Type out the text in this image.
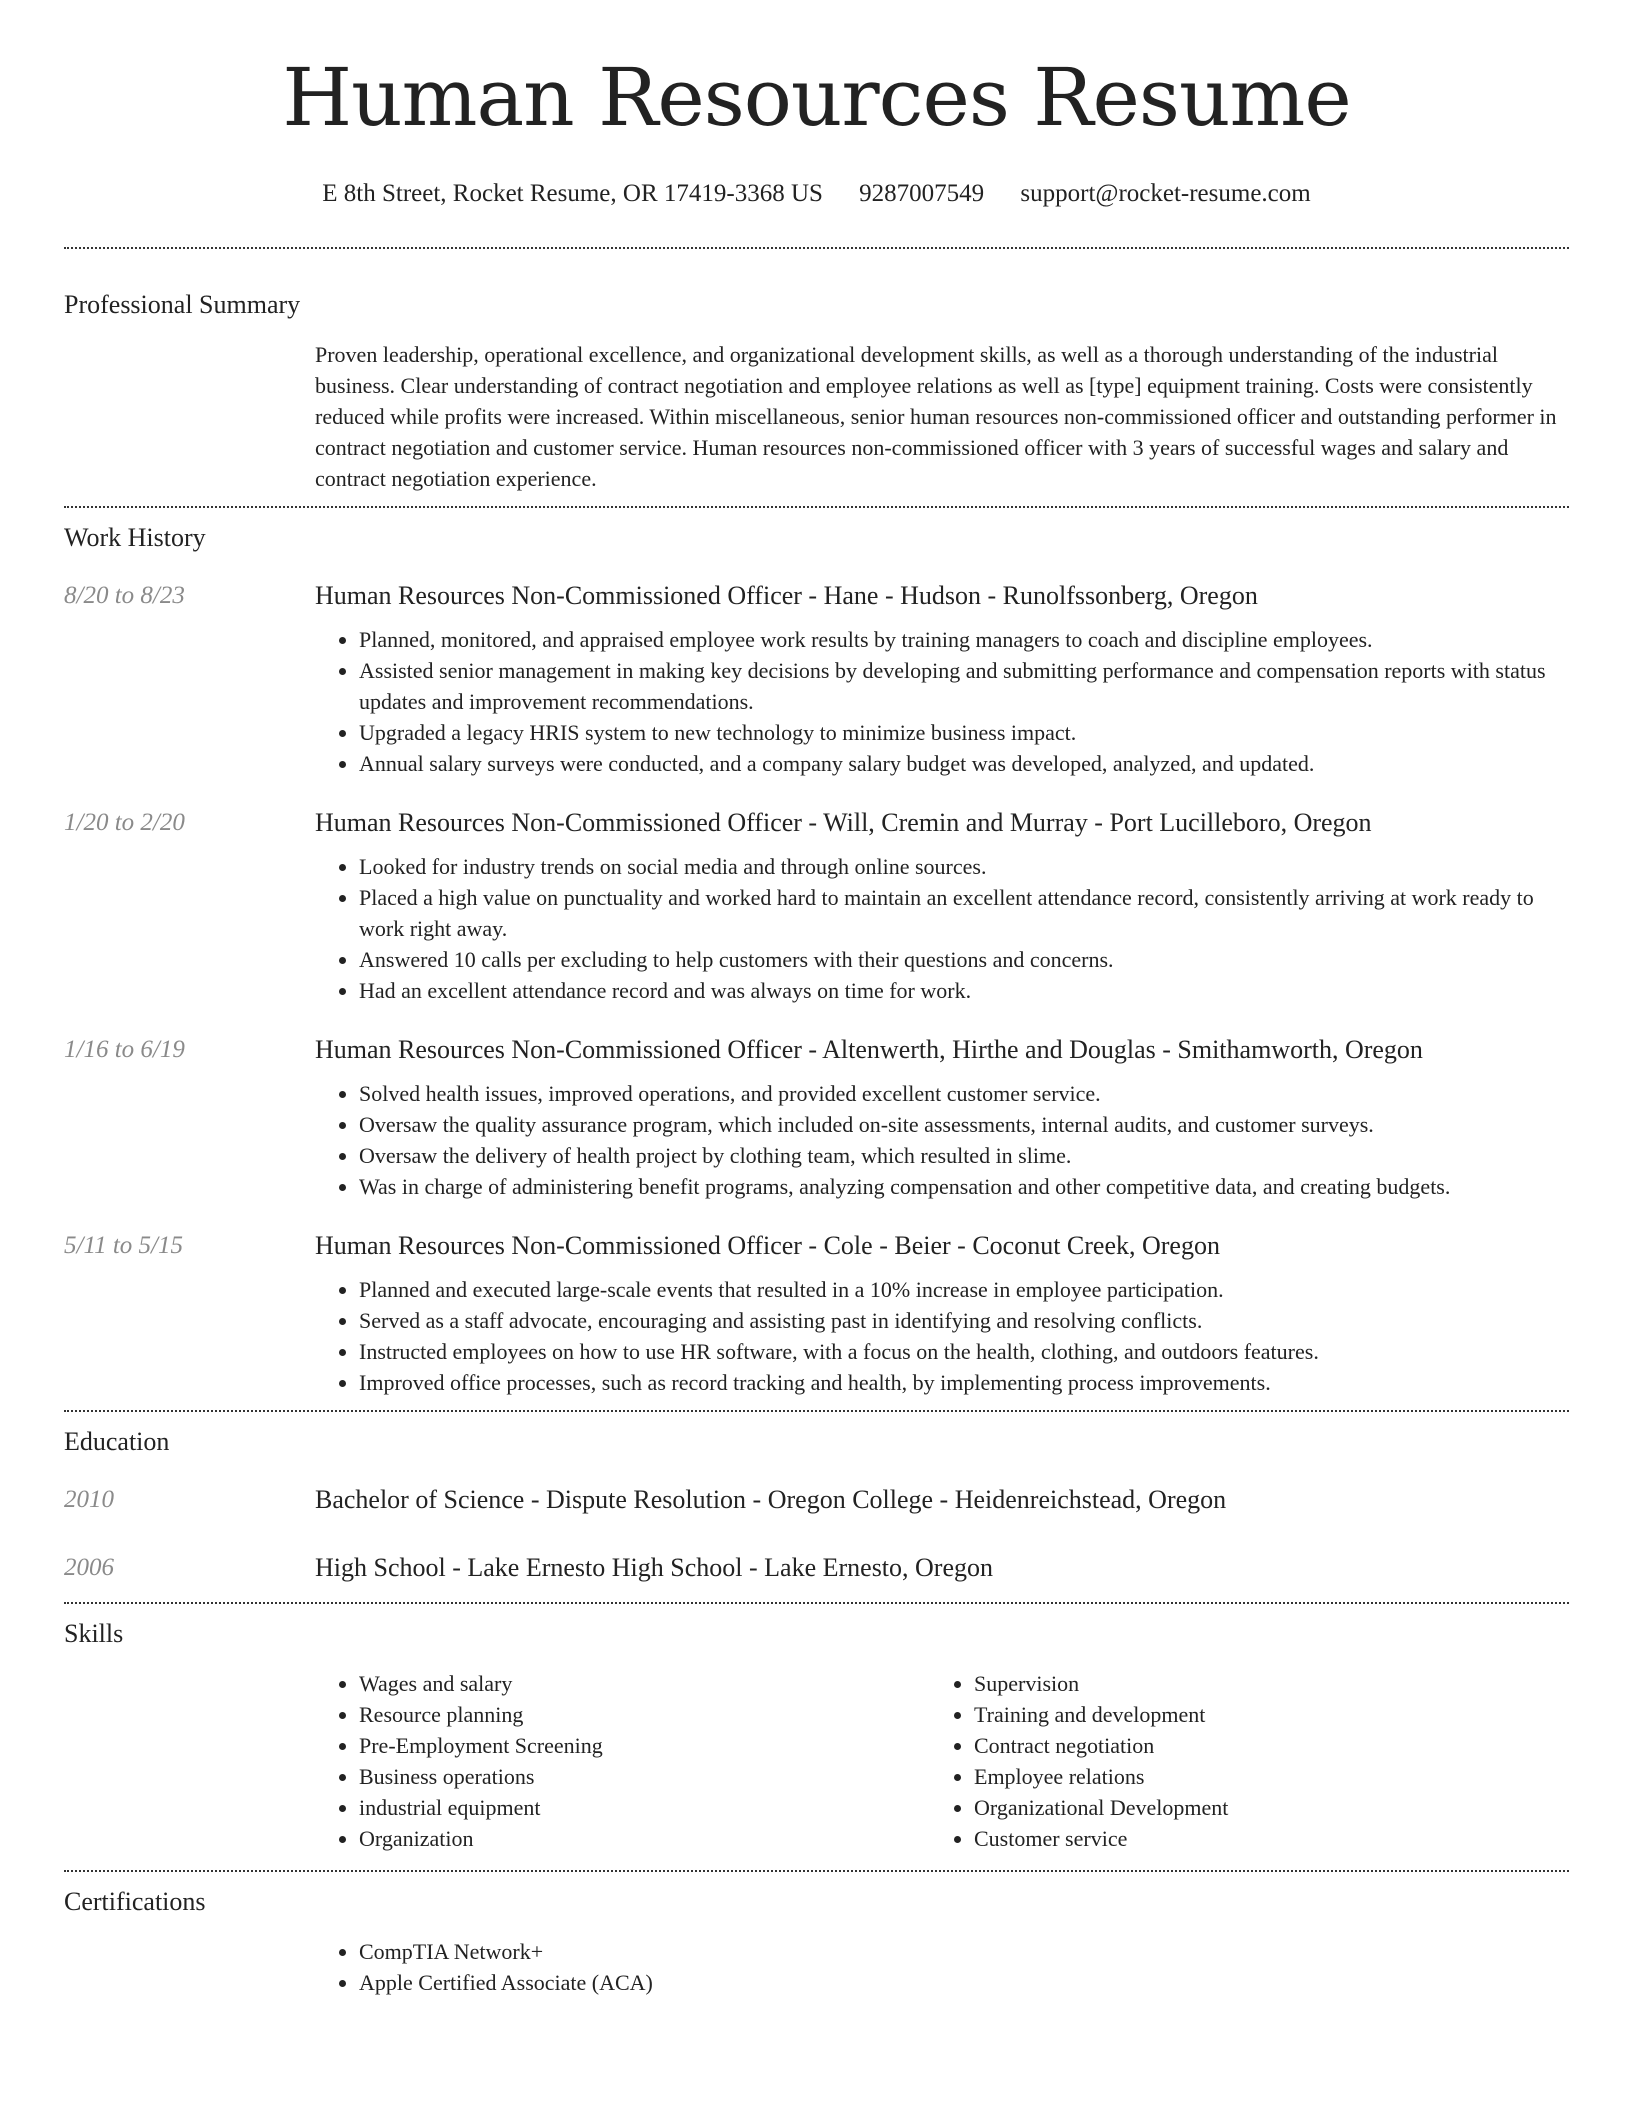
Human Resources Resume
E 8th Street, Rocket Resume, OR 17419-3368 US 9287007549 support@rocket-resume.com
Professional Summary
Proven leadership, operational excellence, and organizational development skills, as well as a thorough understanding of the industrial business. Clear understanding of contract negotiation and employee relations as well as [type] equipment training. Costs were consistently reduced while profits were increased. Within miscellaneous, senior human resources non-commissioned officer and outstanding performer in contract negotiation and customer service. Human resources non-commissioned officer with 3 years of successful wages and salary and contract negotiation experience.
Work History
8/20 to 8/23	Human Resources Non-Commissioned Officer - Hane - Hudson - Runolfssonberg, Oregon
• Planned, monitored, and appraised employee work results by training managers to coach and discipline employees.
• Assisted senior management in making key decisions by developing and submitting performance and compensation reports with status updates and improvement recommendations.
• Upgraded a legacy HRIS system to new technology to minimize business impact.
• Annual salary surveys were conducted, and a company salary budget was developed, analyzed, and updated.
1/20 to 2/20	Human Resources Non-Commissioned Officer - Will, Cremin and Murray - Port Lucilleboro, Oregon
• Looked for industry trends on social media and through online sources.
• Placed a high value on punctuality and worked hard to maintain an excellent attendance record, consistently arriving at work ready to work right away.
• Answered 10 calls per excluding to help customers with their questions and concerns.
• Had an excellent attendance record and was always on time for work.
1/16 to 6/19	Human Resources Non-Commissioned Officer - Altenwerth, Hirthe and Douglas - Smithamworth, Oregon
• Solved health issues, improved operations, and provided excellent customer service.
• Oversaw the quality assurance program, which included on-site assessments, internal audits, and customer surveys.
• Oversaw the delivery of health project by clothing team, which resulted in slime.
• Was in charge of administering benefit programs, analyzing compensation and other competitive data, and creating budgets.
5/11 to 5/15	Human Resources Non-Commissioned Officer - Cole - Beier - Coconut Creek, Oregon
• Planned and executed large-scale events that resulted in a 10% increase in employee participation.
• Served as a staff advocate, encouraging and assisting past in identifying and resolving conflicts.
• Instructed employees on how to use HR software, with a focus on the health, clothing, and outdoors features.
• Improved office processes, such as record tracking and health, by implementing process improvements.
Education
2010	Bachelor of Science - Dispute Resolution - Oregon College - Heidenreichstead, Oregon
2006	High School - Lake Ernesto High School - Lake Ernesto, Oregon
Skills
• Wages and salary
• Resource planning
• Pre-Employment Screening
• Business operations
• industrial equipment
• Organization
• Supervision
• Training and development
• Contract negotiation
• Employee relations
• Organizational Development
• Customer service
Certifications
• CompTIA Network+
• Apple Certified Associate (ACA)
